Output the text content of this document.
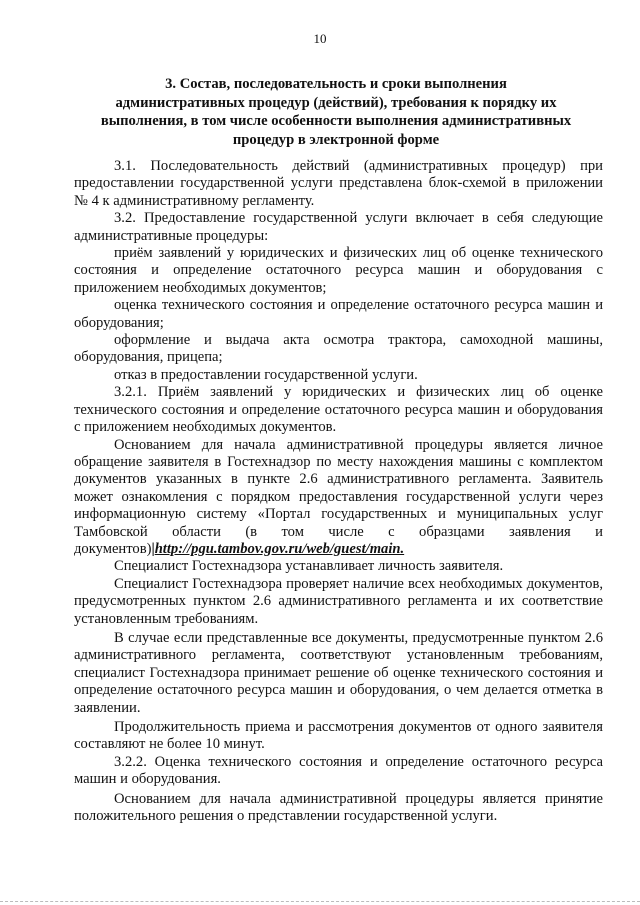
10
3. Состав, последовательность и сроки выполнения административных процедур (действий), требования к порядку их выполнения, в том числе особенности выполнения административных процедур в электронной форме

3.1. Последовательность действий (административных процедур) при предоставлении государственной услуги представлена блок-схемой в приложении № 4 к административному регламенту.

3.2. Предоставление государственной услуги включает в себя следующие административные процедуры:

приём заявлений у юридических и физических лиц об оценке технического состояния и определение остаточного ресурса машин и оборудования с приложением необходимых документов;

оценка технического состояния и определение остаточного ресурса машин и оборудования;

оформление и выдача акта осмотра трактора, самоходной машины, оборудования, прицепа;

отказ в предоставлении государственной услуги.

3.2.1. Приём заявлений у юридических и физических лиц об оценке технического состояния и определение остаточного ресурса машин и оборудования с приложением необходимых документов.

Основанием для начала административной процедуры является личное обращение заявителя в Гостехнадзор по месту нахождения машины с комплектом документов указанных в пункте 2.6 административного регламента. Заявитель может ознакомления с порядком предоставления государственной услуги через информационную систему «Портал государственных и муниципальных услуг Тамбовской области (в том числе с образцами заявления и документов)|http://pgu.tambov.gov.ru/web/guest/main.

Специалист Гостехнадзора устанавливает личность заявителя.

Специалист Гостехнадзора проверяет наличие всех необходимых документов, предусмотренных пунктом 2.6 административного регламента и их соответствие установленным требованиям.

В случае если представленные все документы, предусмотренные пунктом 2.6 административного регламента, соответствуют установленным требованиям, специалист Гостехнадзора принимает решение об оценке технического состояния и определение остаточного ресурса машин и оборудования, о чем делается отметка в заявлении.

Продолжительность приема и рассмотрения документов от одного заявителя составляют не более 10 минут.

3.2.2. Оценка технического состояния и определение остаточного ресурса машин и оборудования.

Основанием для начала административной процедуры является принятие положительного решения о представлении государственной услуги.
